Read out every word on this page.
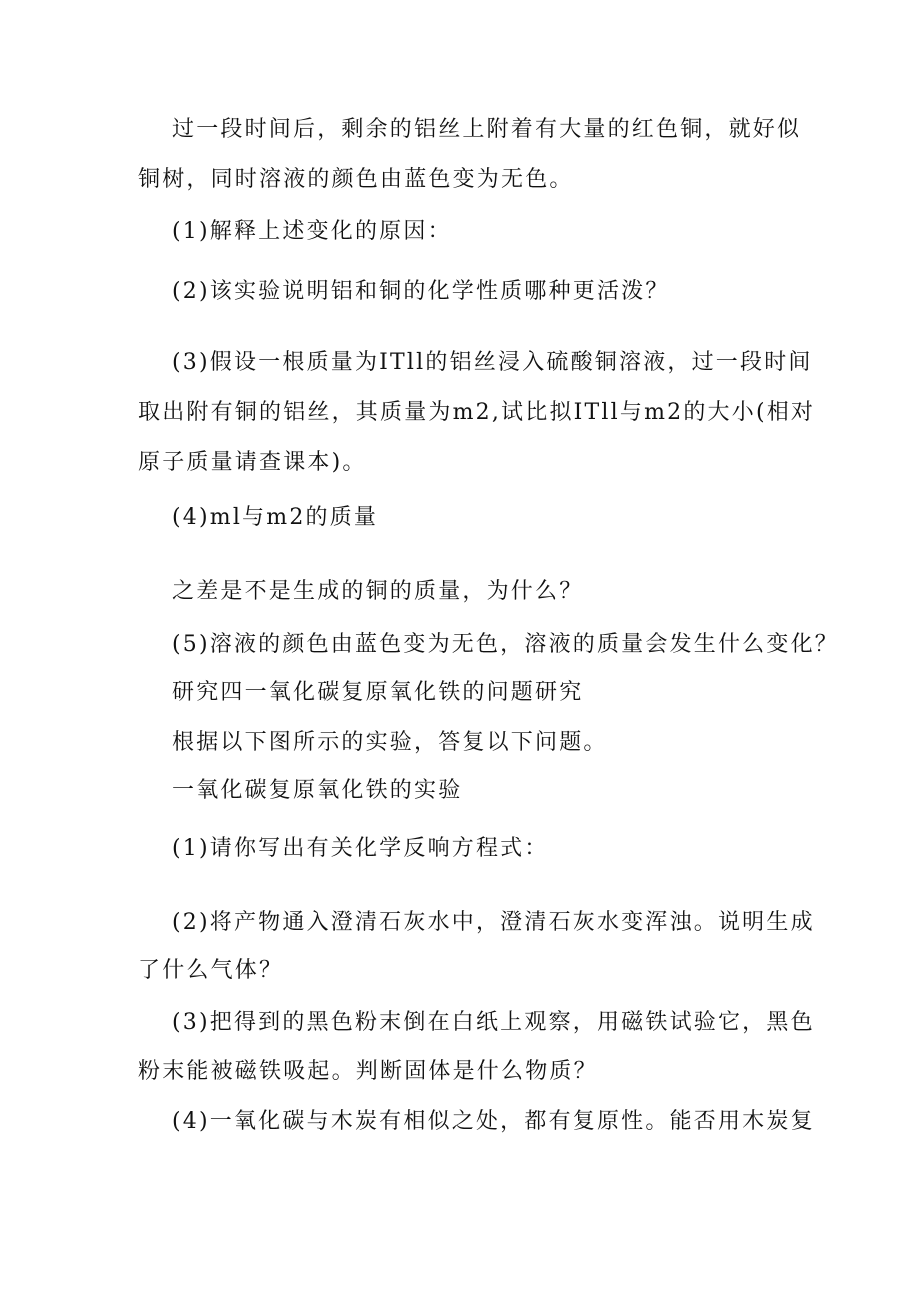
过一段时间后，剩余的铝丝上附着有大量的红色铜，就好似
铜树，同时溶液的颜色由蓝色变为无色。
(1)解释上述变化的原因：
(2)该实验说明铝和铜的化学性质哪种更活泼？
(3)假设一根质量为ITll的铝丝浸入硫酸铜溶液，过一段时间
取出附有铜的铝丝，其质量为m2,试比拟ITll与m2的大小(相对
原子质量请查课本)。
(4)ml与m2的质量
之差是不是生成的铜的质量，为什么？
(5)溶液的颜色由蓝色变为无色，溶液的质量会发生什么变化？
研究四一氧化碳复原氧化铁的问题研究
根据以下图所示的实验，答复以下问题。
一氧化碳复原氧化铁的实验
(1)请你写出有关化学反响方程式：
(2)将产物通入澄清石灰水中，澄清石灰水变浑浊。说明生成
了什么气体？
(3)把得到的黑色粉末倒在白纸上观察，用磁铁试验它，黑色
粉末能被磁铁吸起。判断固体是什么物质？
(4)一氧化碳与木炭有相似之处，都有复原性。能否用木炭复
